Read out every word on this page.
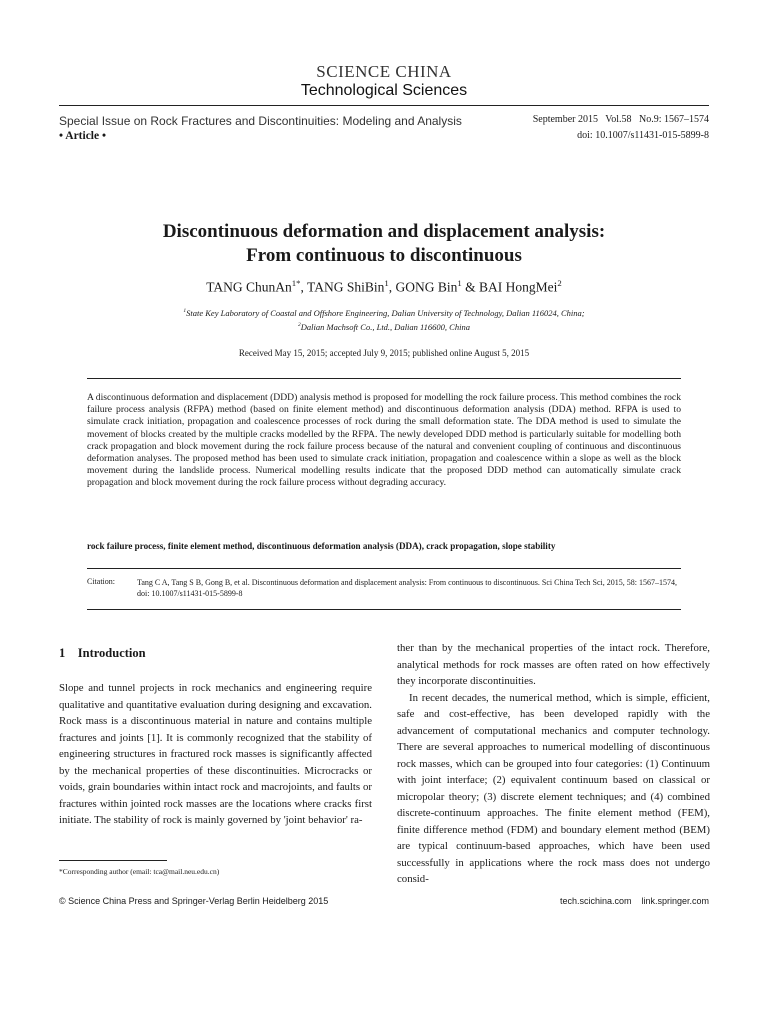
SCIENCE CHINA
Technological Sciences
Special Issue on Rock Fractures and Discontinuities: Modeling and Analysis
• Article •
September 2015   Vol.58   No.9: 1567–1574
doi: 10.1007/s11431-015-5899-8
Discontinuous deformation and displacement analysis:
From continuous to discontinuous
TANG ChunAn$^{1*}$, TANG ShiBin$^1$, GONG Bin$^1$ & BAI HongMei$^2$
$^1$State Key Laboratory of Coastal and Offshore Engineering, Dalian University of Technology, Dalian 116024, China;
$^2$Dalian Machsoft Co., Ltd., Dalian 116600, China
Received May 15, 2015; accepted July 9, 2015; published online August 5, 2015
A discontinuous deformation and displacement (DDD) analysis method is proposed for modelling the rock failure process. This method combines the rock failure process analysis (RFPA) method (based on finite element method) and discontinuous deformation analysis (DDA) method. RFPA is used to simulate crack initiation, propagation and coalescence processes of rock during the small deformation state. The DDA method is used to simulate the movement of blocks created by the multiple cracks modelled by the RFPA. The newly developed DDD method is particularly suitable for modelling both crack propagation and block movement during the rock failure process because of the natural and convenient coupling of continuous and discontinuous deformation analyses. The proposed method has been used to simulate crack initiation, propagation and coalescence within a slope as well as the block movement during the landslide process. Numerical modelling results indicate that the proposed DDD method can automatically simulate crack propagation and block movement during the rock failure process without degrading accuracy.
rock failure process, finite element method, discontinuous deformation analysis (DDA), crack propagation, slope stability
Citation:	Tang C A, Tang S B, Gong B, et al. Discontinuous deformation and displacement analysis: From continuous to discontinuous. Sci China Tech Sci, 2015, 58: 1567–1574, doi: 10.1007/s11431-015-5899-8
1 Introduction

Slope and tunnel projects in rock mechanics and engineering require qualitative and quantitative evaluation during designing and excavation. Rock mass is a discontinuous material in nature and contains multiple fractures and joints [1]. It is commonly recognized that the stability of engineering structures in fractured rock masses is significantly affected by the mechanical properties of these discontinuities. Microcracks or voids, grain boundaries within intact rock and macrojoints, and faults or fractures within jointed rock masses are the locations where cracks first initiate. The stability of rock is mainly governed by 'joint behavior' ra-

ther than by the mechanical properties of the intact rock. Therefore, analytical methods for rock masses are often rated on how effectively they incorporate discontinuities.

In recent decades, the numerical method, which is simple, efficient, safe and cost-effective, has been developed rapidly with the advancement of computational mechanics and computer technology. There are several approaches to numerical modelling of discontinuous rock masses, which can be grouped into four categories: (1) Continuum with joint interface; (2) equivalent continuum based on classical or micropolar theory; (3) discrete element techniques; and (4) combined discrete-continuum approaches. The finite element method (FEM), finite difference method (FDM) and boundary element method (BEM) are typical continuum-based approaches, which have been used successfully in applications where the rock mass does not undergo consid-

*Corresponding author (email: tca@mail.neu.edu.cn)
© Science China Press and Springer-Verlag Berlin Heidelberg 2015	tech.scichina.com link.springer.com
